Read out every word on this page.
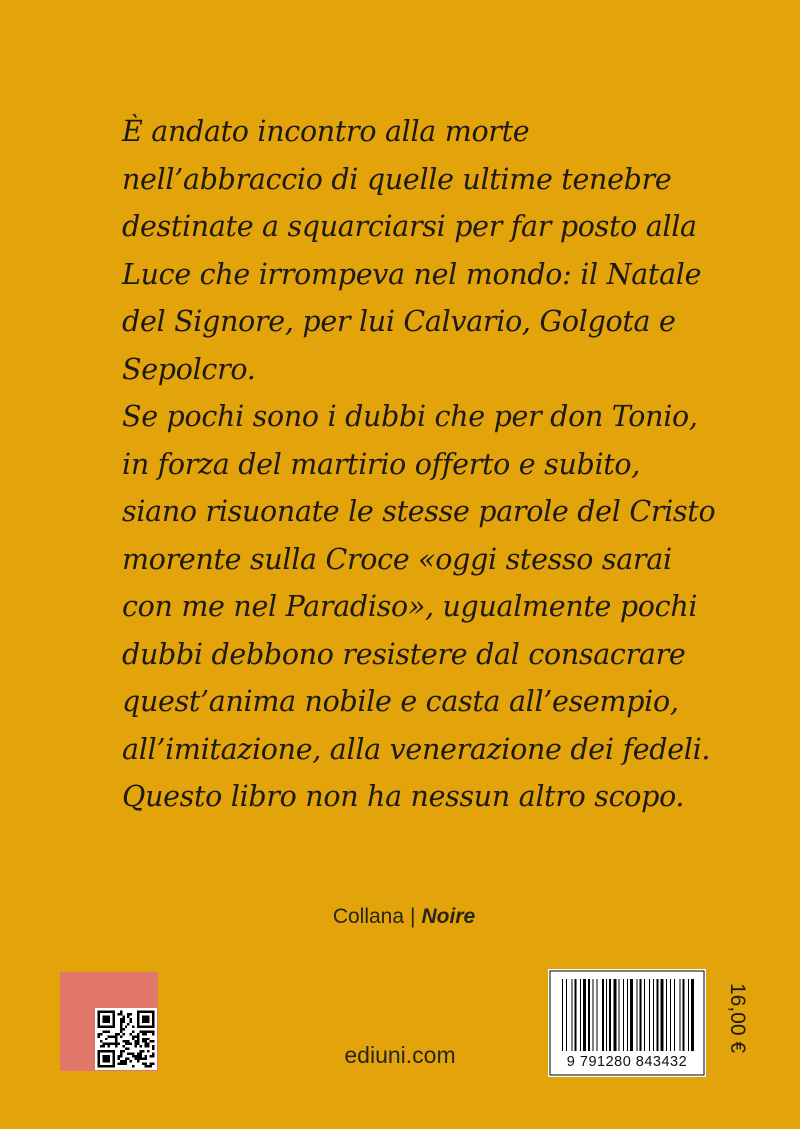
È andato incontro alla morte
nell’abbraccio di quelle ultime tenebre
destinate a squarciarsi per far posto alla
Luce che irrompeva nel mondo: il Natale
del Signore, per lui Calvario, Golgota e
Sepolcro.
Se pochi sono i dubbi che per don Tonio,
in forza del martirio offerto e subito,
siano risuonate le stesse parole del Cristo
morente sulla Croce «oggi stesso sarai
con me nel Paradiso», ugualmente pochi
dubbi debbono resistere dal consacrare
quest’anima nobile e casta all’esempio,
all’imitazione, alla venerazione dei fedeli.
Questo libro non ha nessun altro scopo.
Collana | Noire
ediuni.com	9 791280 843432
16,00 €
